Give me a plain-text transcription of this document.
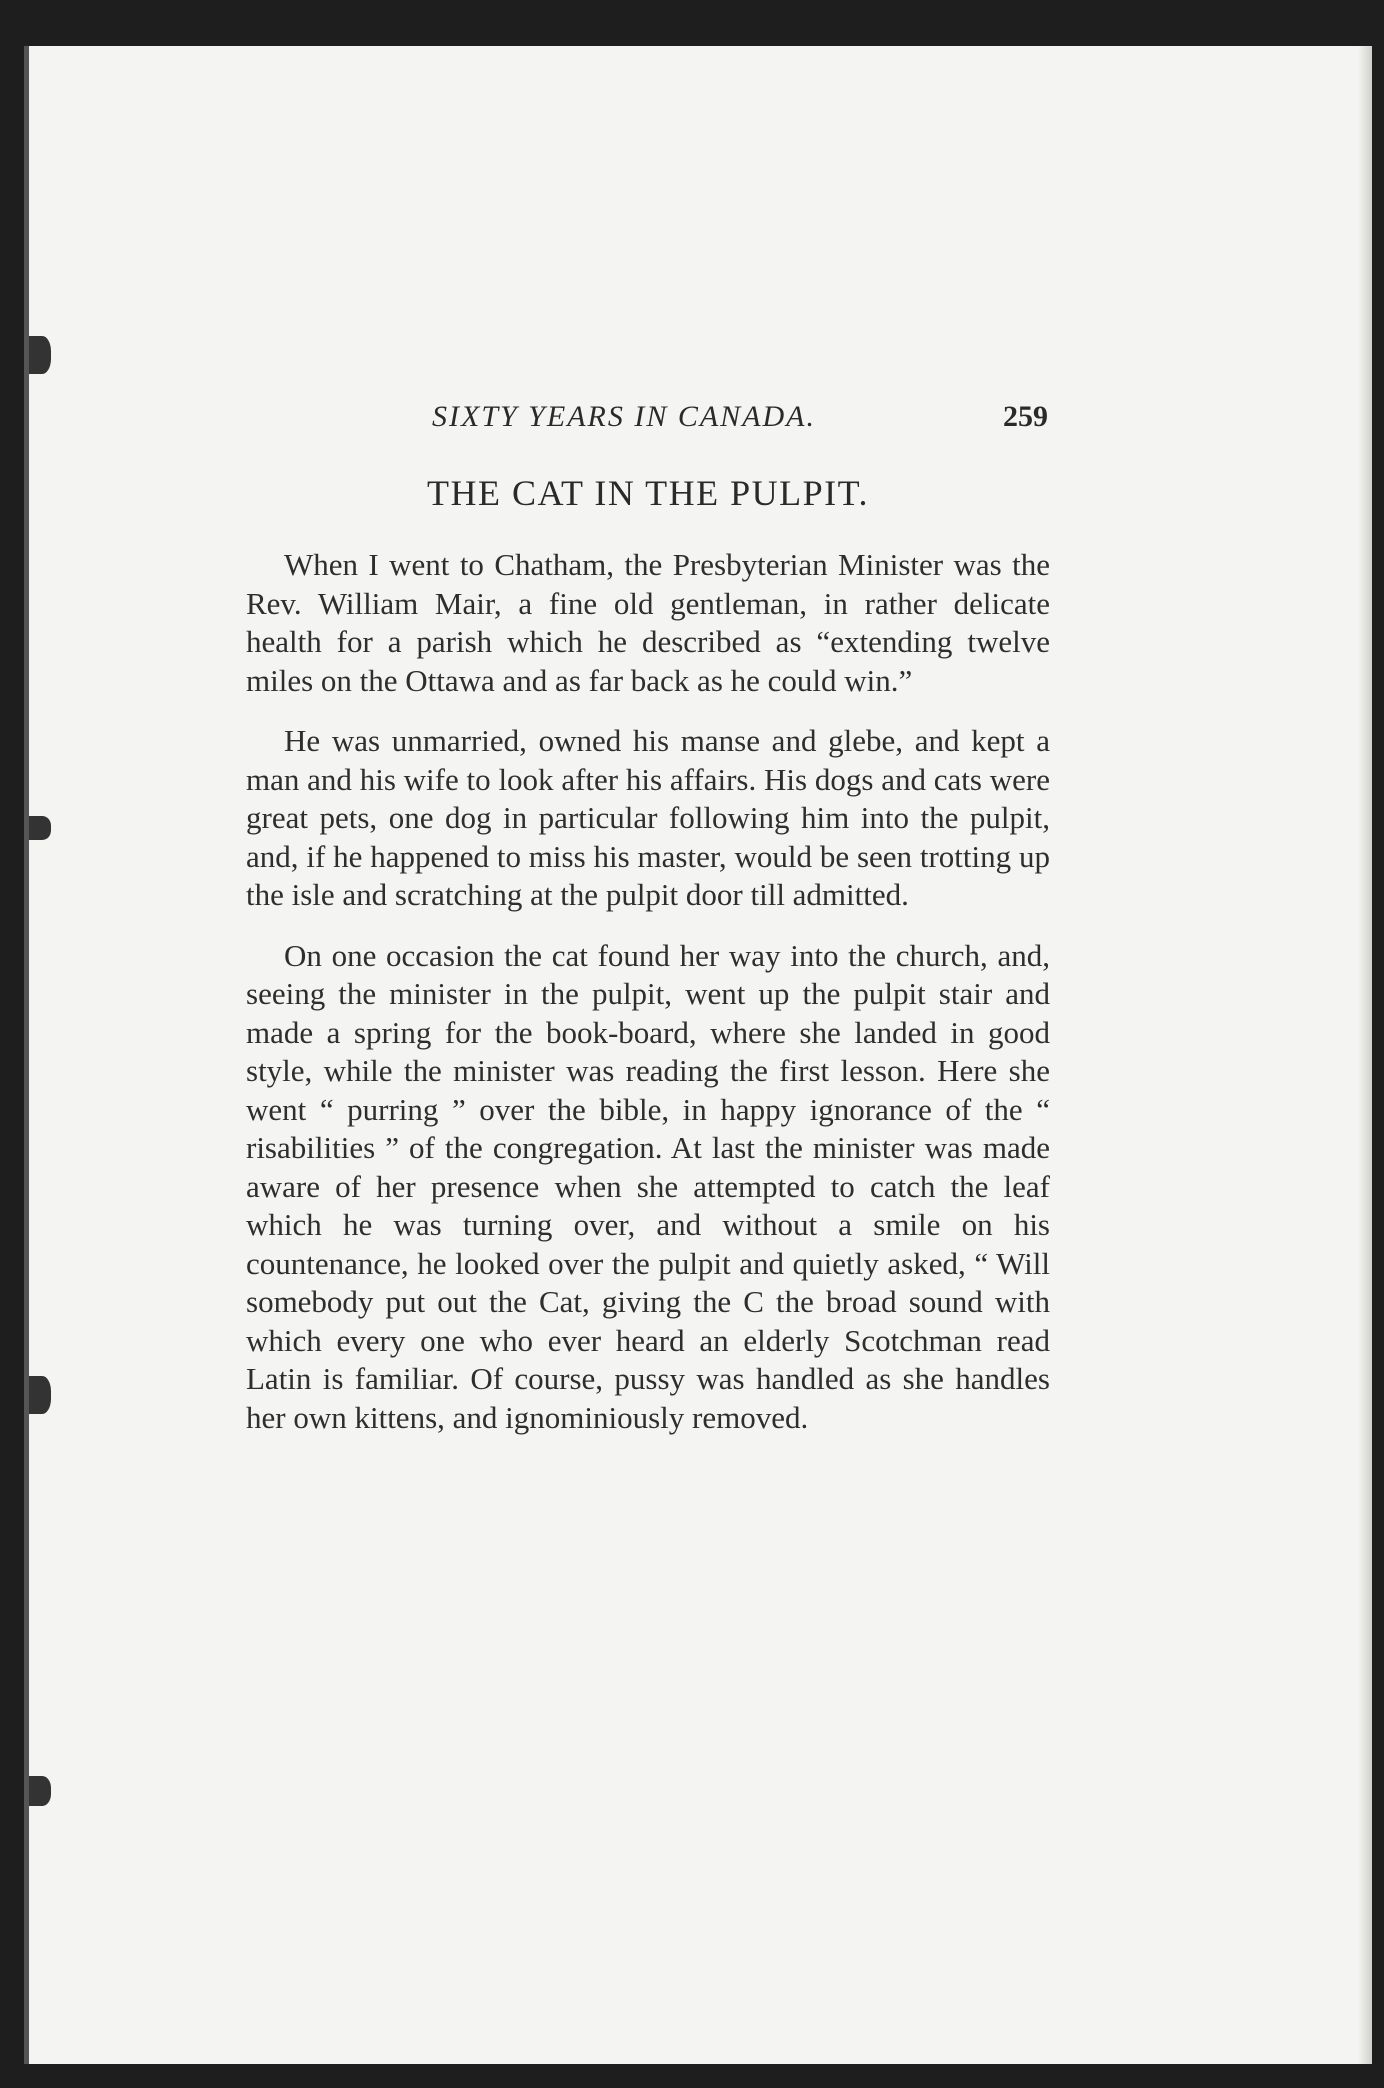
SIXTY YEARS IN CANADA.	259
THE CAT IN THE PULPIT.

When I went to Chatham, the Presbyterian Minister was the Rev. William Mair, a fine old gentleman, in rather delicate health for a parish which he described as “extending twelve miles on the Ottawa and as far back as he could win.”

He was unmarried, owned his manse and glebe, and kept a man and his wife to look after his affairs. His dogs and cats were great pets, one dog in particular following him into the pulpit, and, if he happened to miss his master, would be seen trotting up the isle and scratching at the pulpit door till admitted.

On one occasion the cat found her way into the church, and, seeing the minister in the pulpit, went up the pulpit stair and made a spring for the book-board, where she landed in good style, while the minister was reading the first lesson. Here she went “ purring ” over the bible, in happy ignorance of the “ risabilities ” of the congregation. At last the minister was made aware of her presence when she attempted to catch the leaf which he was turning over, and without a smile on his countenance, he looked over the pulpit and quietly asked, “ Will somebody put out the Cat, giving the C the broad sound with which every one who ever heard an elderly Scotchman read Latin is familiar. Of course, pussy was handled as she handles her own kittens, and ignominiously removed.
